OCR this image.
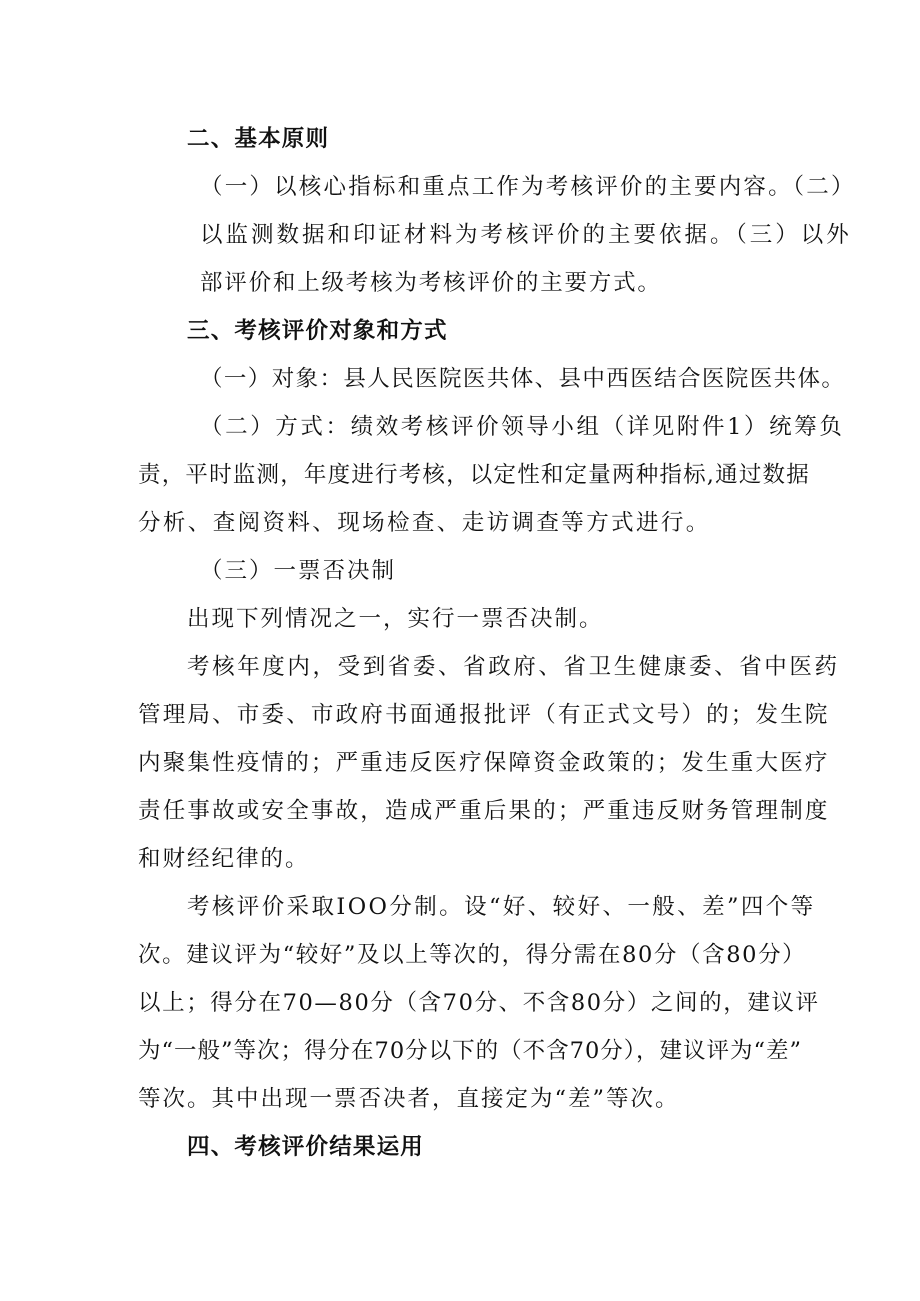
二、基本原则
（一）以核心指标和重点工作为考核评价的主要内容。（二）
以监测数据和印证材料为考核评价的主要依据。（三）以外
部评价和上级考核为考核评价的主要方式。
三、考核评价对象和方式
（一）对象：县人民医院医共体、县中西医结合医院医共体。
（二）方式：绩效考核评价领导小组（详见附件1）统筹负
责，平时监测，年度进行考核，以定性和定量两种指标,通过数据
分析、查阅资料、现场检查、走访调查等方式进行。
（三）一票否决制
出现下列情况之一，实行一票否决制。
考核年度内，受到省委、省政府、省卫生健康委、省中医药
管理局、市委、市政府书面通报批评（有正式文号）的；发生院
内聚集性疫情的；严重违反医疗保障资金政策的；发生重大医疗
责任事故或安全事故，造成严重后果的；严重违反财务管理制度
和财经纪律的。
考核评价采取IOO分制。设“好、较好、一般、差”四个等
次。建议评为“较好”及以上等次的，得分需在80分（含80分）
以上；得分在70—80分（含70分、不含80分）之间的，建议评
为“一般”等次；得分在70分以下的（不含70分），建议评为“差”
等次。其中出现一票否决者，直接定为“差”等次。
四、考核评价结果运用
